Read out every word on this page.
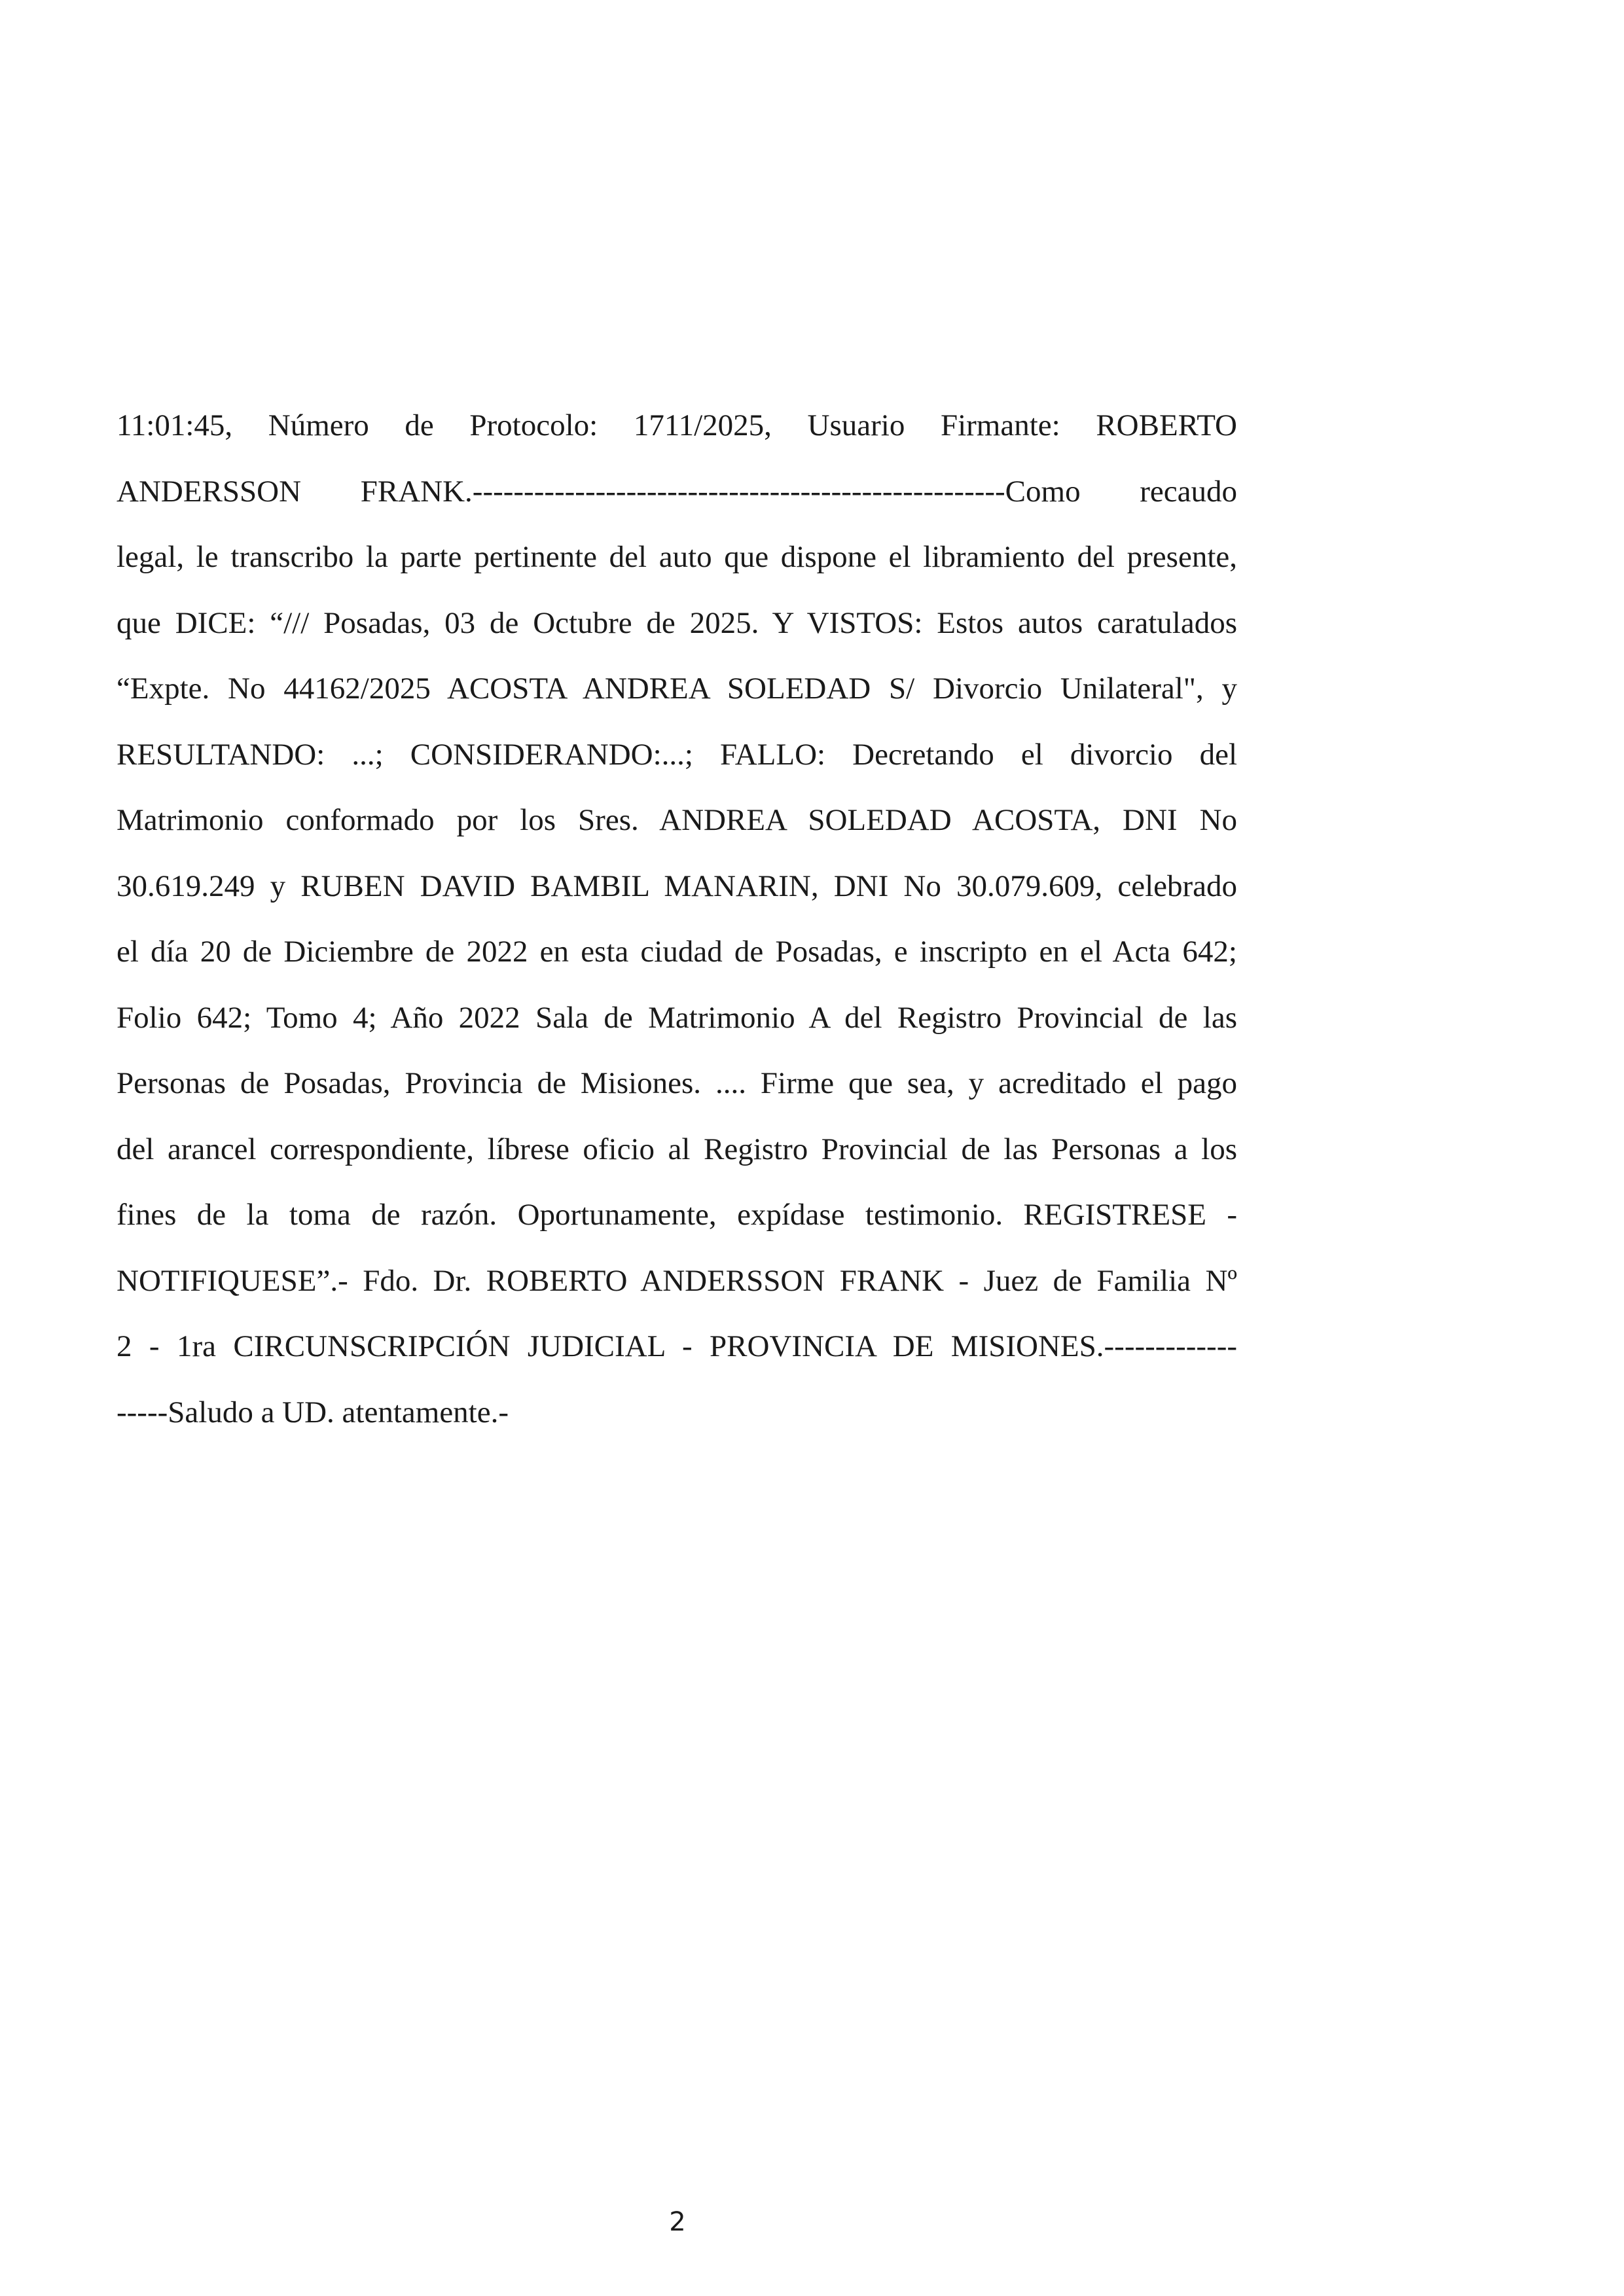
11:01:45, Número de Protocolo: 1711/2025, Usuario Firmante: ROBERTO
ANDERSSON FRANK.----------------------------------------------------Como recaudo
legal, le transcribo la parte pertinente del auto que dispone el libramiento del presente,
que DICE: “/// Posadas, 03 de Octubre de 2025. Y VISTOS: Estos autos caratulados
“Expte. No 44162/2025 ACOSTA ANDREA SOLEDAD S/ Divorcio Unilateral", y
RESULTANDO: ...; CONSIDERANDO:...; FALLO: Decretando el divorcio del
Matrimonio conformado por los Sres. ANDREA SOLEDAD ACOSTA, DNI No
30.619.249 y RUBEN DAVID BAMBIL MANARIN, DNI No 30.079.609, celebrado
el día 20 de Diciembre de 2022 en esta ciudad de Posadas, e inscripto en el Acta 642;
Folio 642; Tomo 4; Año 2022 Sala de Matrimonio A del Registro Provincial de las
Personas de Posadas, Provincia de Misiones. .... Firme que sea, y acreditado el pago
del arancel correspondiente, líbrese oficio al Registro Provincial de las Personas a los
fines de la toma de razón. Oportunamente, expídase testimonio. REGISTRESE -
NOTIFIQUESE”.- Fdo. Dr. ROBERTO ANDERSSON FRANK - Juez de Familia Nº
2 - 1ra CIRCUNSCRIPCIÓN JUDICIAL - PROVINCIA DE MISIONES.-------------
-----Saludo a UD. atentamente.-
2
